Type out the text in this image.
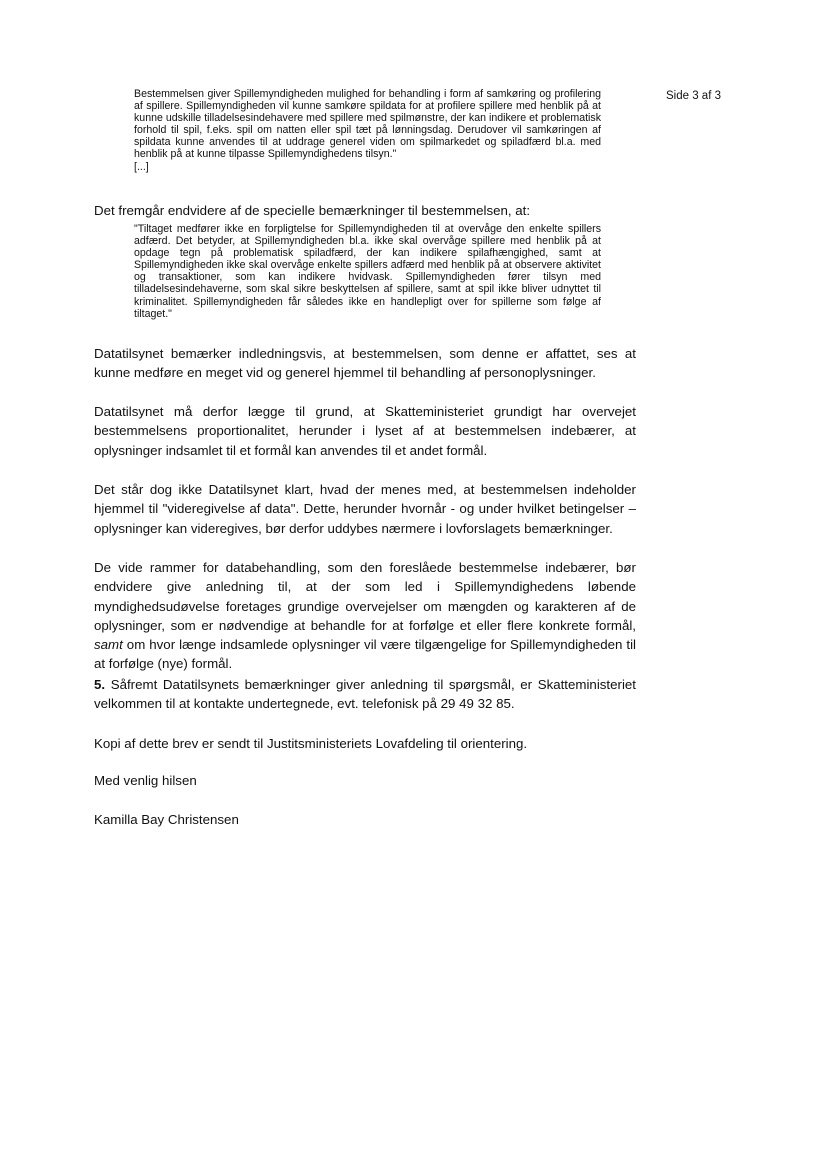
Side 3 af 3
Bestemmelsen giver Spillemyndigheden mulighed for behandling i form af samkøring og profilering af spillere. Spillemyndigheden vil kunne samkøre spildata for at profilere spillere med henblik på at kunne udskille tilladelsesindehavere med spillere med spilmønstre, der kan indikere et problematisk forhold til spil, f.eks. spil om natten eller spil tæt på lønningsdag. Derudover vil samkøringen af spildata kunne anvendes til at uddrage generel viden om spilmarkedet og spiladfærd bl.a. med henblik på at kunne tilpasse Spillemyndighedens tilsyn."
[...]

Det fremgår endvidere af de specielle bemærkninger til bestemmelsen, at:

"Tiltaget medfører ikke en forpligtelse for Spillemyndigheden til at overvåge den enkelte spillers adfærd. Det betyder, at Spillemyndigheden bl.a. ikke skal overvåge spillere med henblik på at opdage tegn på problematisk spiladfærd, der kan indikere spilafhængighed, samt at Spillemyndigheden ikke skal overvåge enkelte spillers adfærd med henblik på at observere aktivitet og transaktioner, som kan indikere hvidvask. Spillemyndigheden fører tilsyn med tilladelsesindehaverne, som skal sikre beskyttelsen af spillere, samt at spil ikke bliver udnyttet til kriminalitet. Spillemyndigheden får således ikke en handlepligt over for spillerne som følge af tiltaget."

Datatilsynet bemærker indledningsvis, at bestemmelsen, som denne er affattet, ses at kunne medføre en meget vid og generel hjemmel til behandling af personoplysninger.

Datatilsynet må derfor lægge til grund, at Skatteministeriet grundigt har overvejet bestemmelsens proportionalitet, herunder i lyset af at bestemmelsen indebærer, at oplysninger indsamlet til et formål kan anvendes til et andet formål.

Det står dog ikke Datatilsynet klart, hvad der menes med, at bestemmelsen indeholder hjemmel til "videregivelse af data". Dette, herunder hvornår - og under hvilket betingelser – oplysninger kan videregives, bør derfor uddybes nærmere i lovforslagets bemærkninger.

De vide rammer for databehandling, som den foreslåede bestemmelse indebærer, bør endvidere give anledning til, at der som led i Spillemyndighedens løbende myndighedsudøvelse foretages grundige overvejelser om mængden og karakteren af de oplysninger, som er nødvendige at behandle for at forfølge et eller flere konkrete formål, samt om hvor længe indsamlede oplysninger vil være tilgængelige for Spillemyndigheden til at forfølge (nye) formål.

5. Såfremt Datatilsynets bemærkninger giver anledning til spørgsmål, er Skatteministeriet velkommen til at kontakte undertegnede, evt. telefonisk på 29 49 32 85.

Kopi af dette brev er sendt til Justitsministeriets Lovafdeling til orientering.

Med venlig hilsen

Kamilla Bay Christensen
